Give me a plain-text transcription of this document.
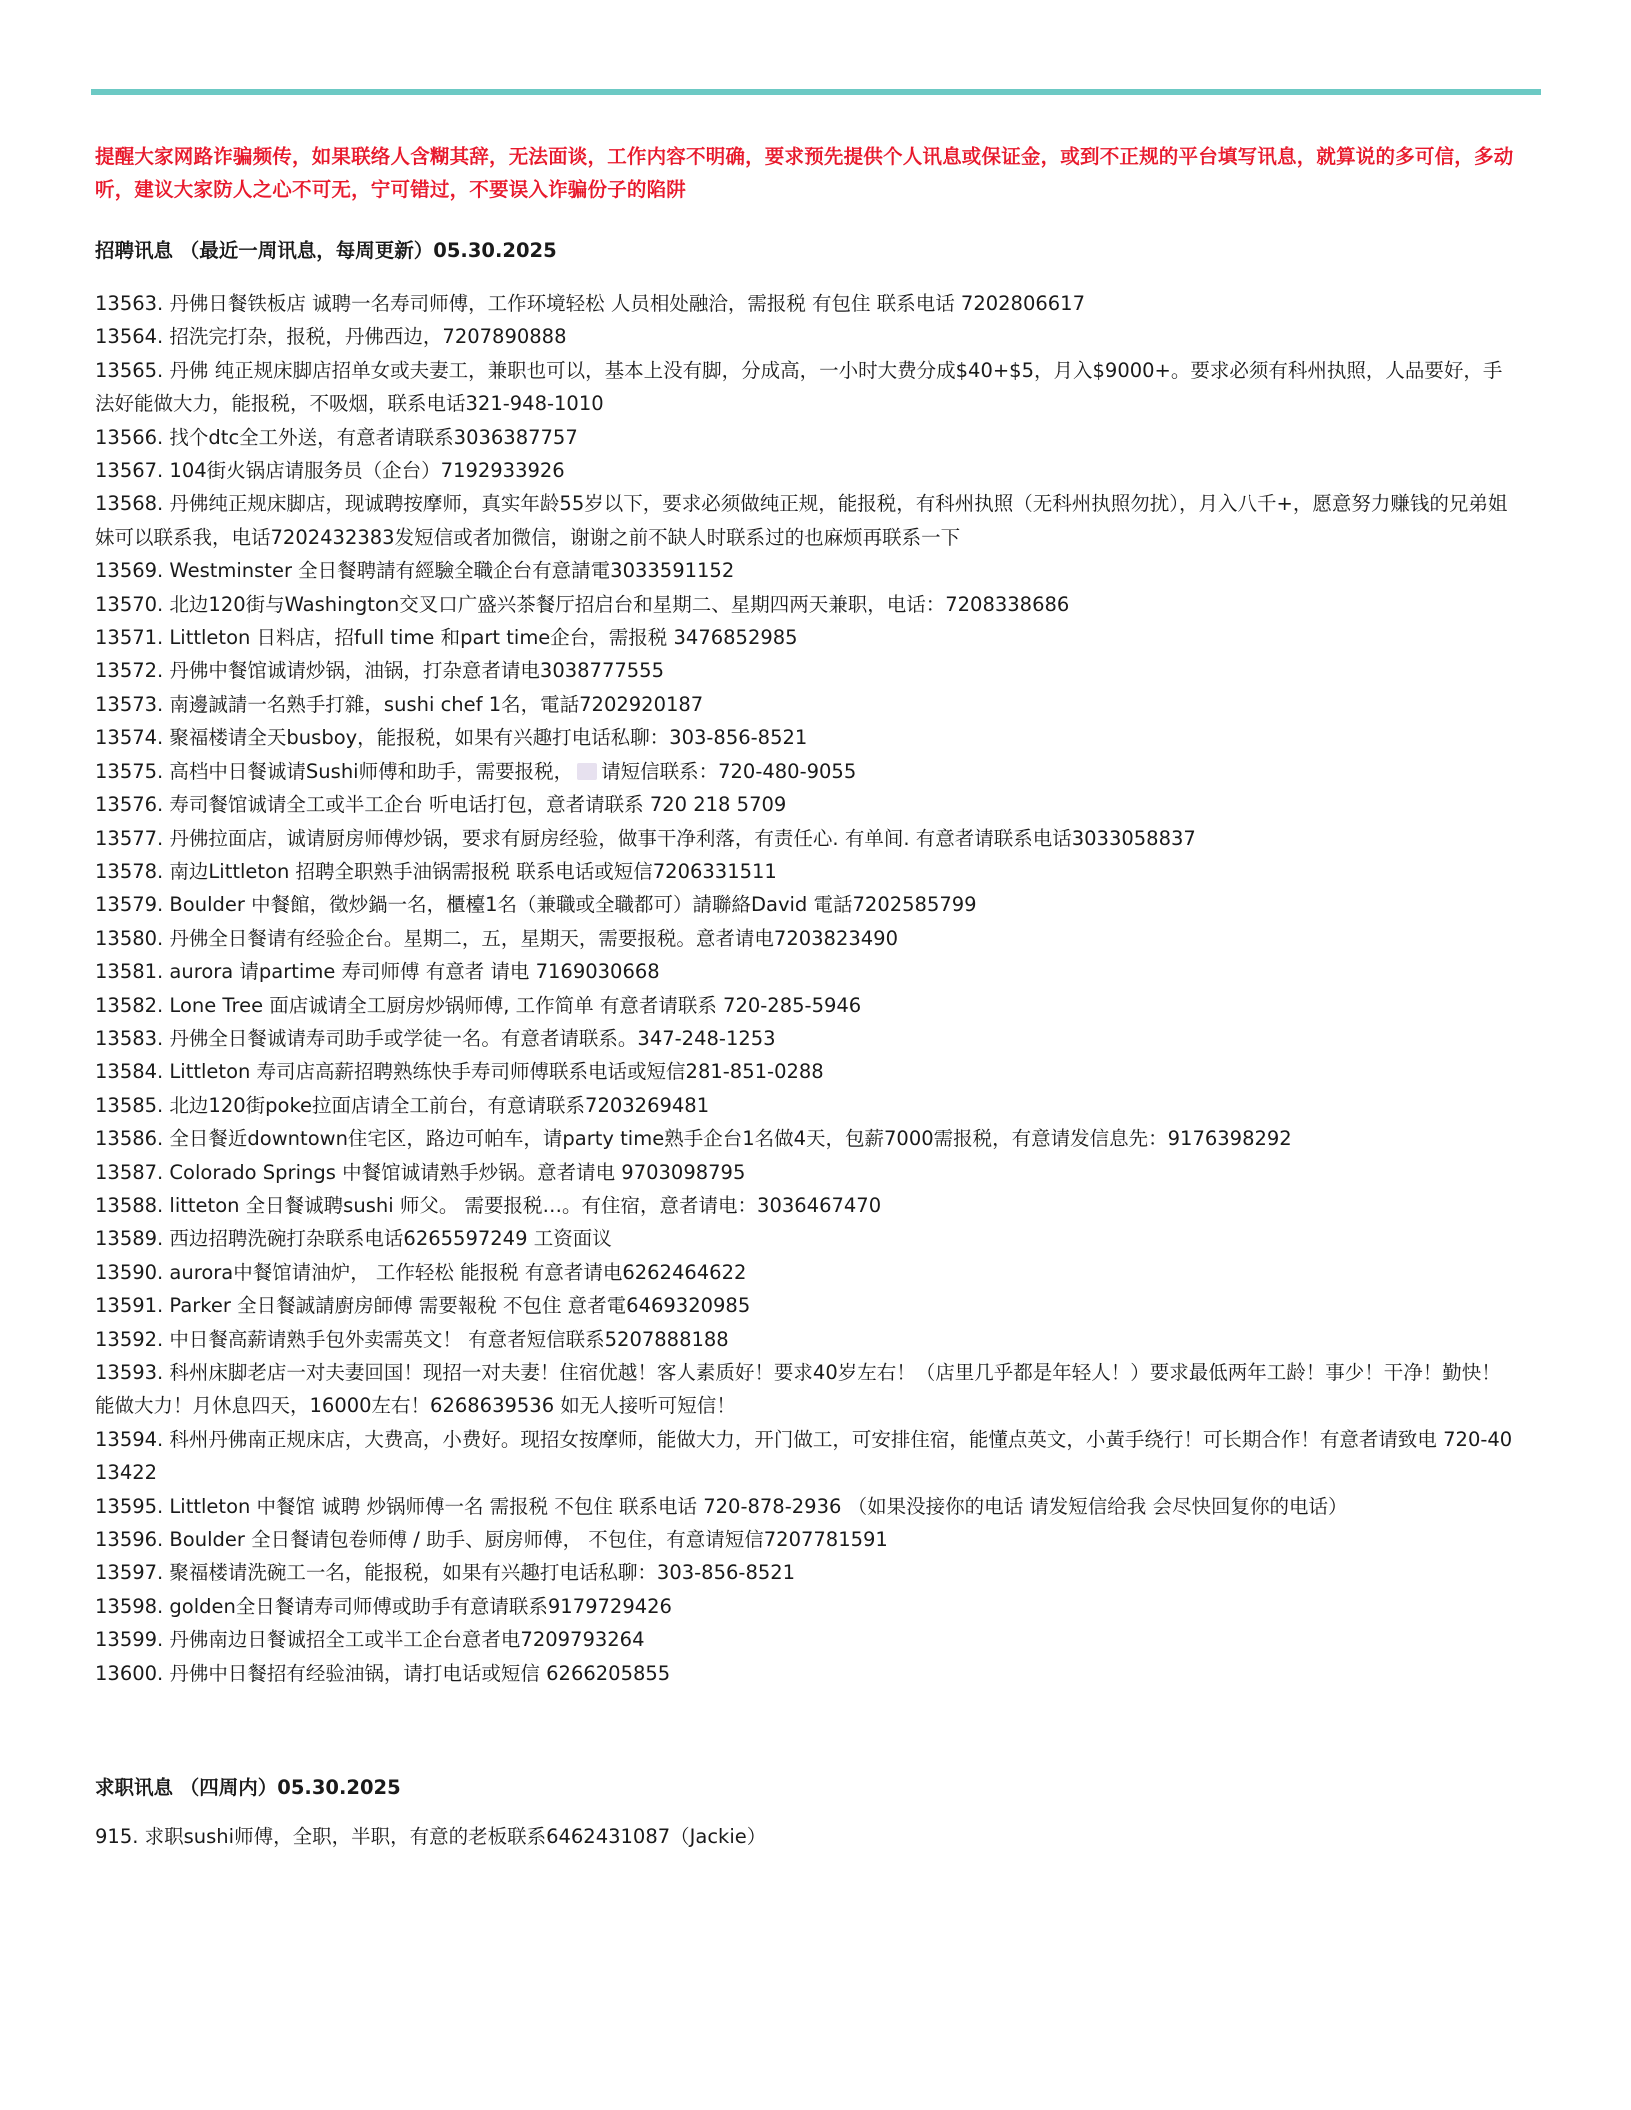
提醒大家网路诈骗频传，如果联络人含糊其辞，无法面谈，工作内容不明确，要求预先提供个人讯息或保证金，或到不正规的平台填写讯息，就算说的多可信，多动听，建议大家防人之心不可无，宁可错过，不要误入诈骗份子的陷阱

招聘讯息 （最近一周讯息，每周更新）05.30.2025

13563. 丹佛日餐铁板店 诚聘一名寿司师傅，工作环境轻松 人员相处融洽，需报税 有包住 联系电话 7202806617
13564. 招洗完打杂，报税，丹佛西边，7207890888
13565. 丹佛 纯正规床脚店招单女或夫妻工，兼职也可以，基本上没有脚，分成高，一小时大费分成$40+$5，月入$9000+。要求必须有科州执照，人品要好，手法好能做大力，能报税，不吸烟，联系电话321-948-1010
13566. 找个dtc全工外送，有意者请联系3036387757
13567. 104街火锅店请服务员（企台）7192933926
13568. 丹佛纯正规床脚店，现诚聘按摩师，真实年龄55岁以下，要求必须做纯正规，能报税，有科州执照（无科州执照勿扰），月入八千+，愿意努力赚钱的兄弟姐妹可以联系我，电话7202432383发短信或者加微信，谢谢之前不缺人时联系过的也麻烦再联系一下
13569. Westminster 全日餐聘請有經驗全職企台有意請電3033591152
13570. 北边120街与Washington交叉口广盛兴茶餐厅招启台和星期二、星期四两天兼职，电话：7208338686
13571. Littleton 日料店，招full time 和part time企台，需报税 3476852985
13572. 丹佛中餐馆诚请炒锅，油锅，打杂意者请电3038777555
13573. 南邊誠請一名熟手打雜，sushi chef 1名，電話7202920187
13574. 聚福楼请全天busboy，能报税，如果有兴趣打电话私聊：303-856-8521
13575. 高档中日餐诚请Sushi师傅和助手，需要报税， 请短信联系：720-480-9055
13576. 寿司餐馆诚请全工或半工企台 听电话打包，意者请联系 720 218 5709
13577. 丹佛拉面店，诚请厨房师傅炒锅，要求有厨房经验，做事干净利落，有责任心. 有单间. 有意者请联系电话3033058837
13578. 南边Littleton 招聘全职熟手油锅需报税 联系电话或短信7206331511
13579. Boulder 中餐館，徵炒鍋一名，櫃檯1名（兼職或全職都可）請聯絡David 電話7202585799
13580. 丹佛全日餐请有经验企台。星期二，五，星期天，需要报税。意者请电7203823490
13581. aurora 请partime 寿司师傅 有意者 请电 7169030668
13582. Lone Tree 面店诚请全工厨房炒锅师傅, 工作简单 有意者请联系 720-285-5946
13583. 丹佛全日餐诚请寿司助手或学徒一名。有意者请联系。347-248-1253
13584. Littleton 寿司店高薪招聘熟练快手寿司师傅联系电话或短信281-851-0288
13585. 北边120街poke拉面店请全工前台，有意请联系7203269481
13586. 全日餐近downtown住宅区，路边可帕车，请party time熟手企台1名做4天，包薪7000需报税，有意请发信息先：9176398292
13587. Colorado Springs 中餐馆诚请熟手炒锅。意者请电 9703098795
13588. litteton 全日餐诚聘sushi 师父。 需要报税…。有住宿，意者请电：3036467470
13589. 西边招聘洗碗打杂联系电话6265597249 工资面议
13590. aurora中餐馆请油炉， 工作轻松 能报税 有意者请电6262464622
13591. Parker 全日餐誠請廚房師傅 需要報稅 不包住 意者電6469320985
13592. 中日餐高薪请熟手包外卖需英文！ 有意者短信联系5207888188
13593. 科州床脚老店一对夫妻回国！现招一对夫妻！住宿优越！客人素质好！要求40岁左右！（店里几乎都是年轻人！）要求最低两年工龄！事少！干净！勤快！能做大力！月休息四天，16000左右！6268639536 如无人接听可短信！
13594. 科州丹佛南正规床店，大费高，小费好。现招女按摩师，能做大力，开门做工，可安排住宿，能懂点英文，小黃手绕行！可长期合作！有意者请致电 720-4013422
13595. Littleton 中餐馆 诚聘 炒锅师傅一名 需报税 不包住 联系电话 720-878-2936 （如果没接你的电话 请发短信给我 会尽快回复你的电话）
13596. Boulder 全日餐请包卷师傅 / 助手、厨房师傅， 不包住，有意请短信7207781591
13597. 聚福楼请洗碗工一名，能报税，如果有兴趣打电话私聊：303-856-8521
13598. golden全日餐请寿司师傅或助手有意请联系9179729426
13599. 丹佛南边日餐诚招全工或半工企台意者电7209793264
13600. 丹佛中日餐招有经验油锅，请打电话或短信 6266205855

求职讯息 （四周内）05.30.2025

915. 求职sushi师傅，全职，半职，有意的老板联系6462431087（Jackie）
